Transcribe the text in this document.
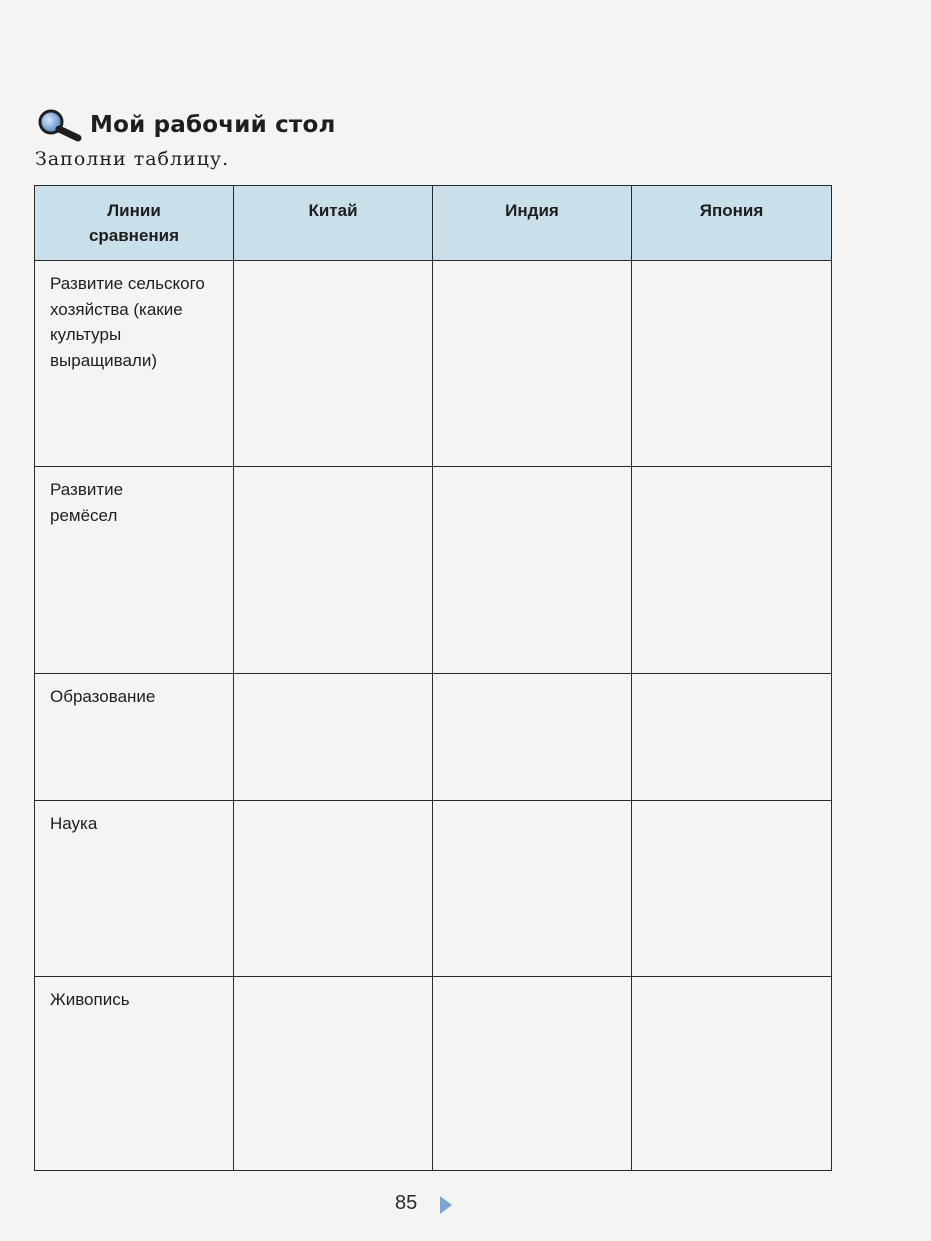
Мой рабочий стол
Заполни таблицу.
Линии сравнения	Китай	Индия	Япония
Развитие сельского хозяйства (какие культуры выращивали)			
Развитие ремёсел			
Образование			
Наука			
Живопись			
85
